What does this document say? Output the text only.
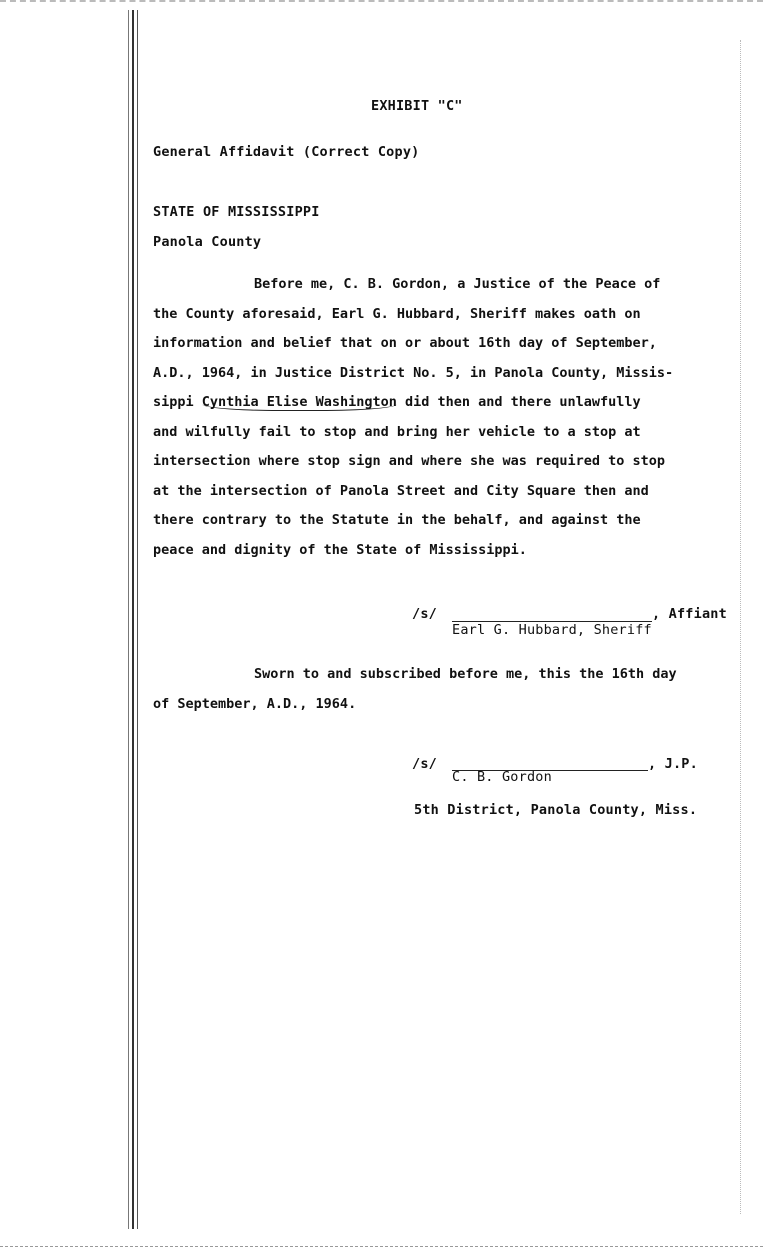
EXHIBIT "C"
General Affidavit (Correct Copy)
STATE OF MISSISSIPPI
Panola County
Before me, C. B. Gordon, a Justice of the Peace of
the County aforesaid, Earl G. Hubbard, Sheriff makes oath on
information and belief that on or about 16th day of September,
A.D., 1964, in Justice District No. 5, in Panola County, Missis-
sippi Cynthia Elise Washington did then and there unlawfully
and wilfully fail to stop and bring her vehicle to a stop at
intersection where stop sign and where she was required to stop
at the intersection of Panola Street and City Square then and
there contrary to the Statute in the behalf, and against the
peace and dignity of the State of Mississippi.
/s/	, Affiant
Earl G. Hubbard, Sheriff
Sworn to and subscribed before me, this the 16th day
of September, A.D., 1964.
/s/	, J.P.
C. B. Gordon
5th District, Panola County, Miss.
